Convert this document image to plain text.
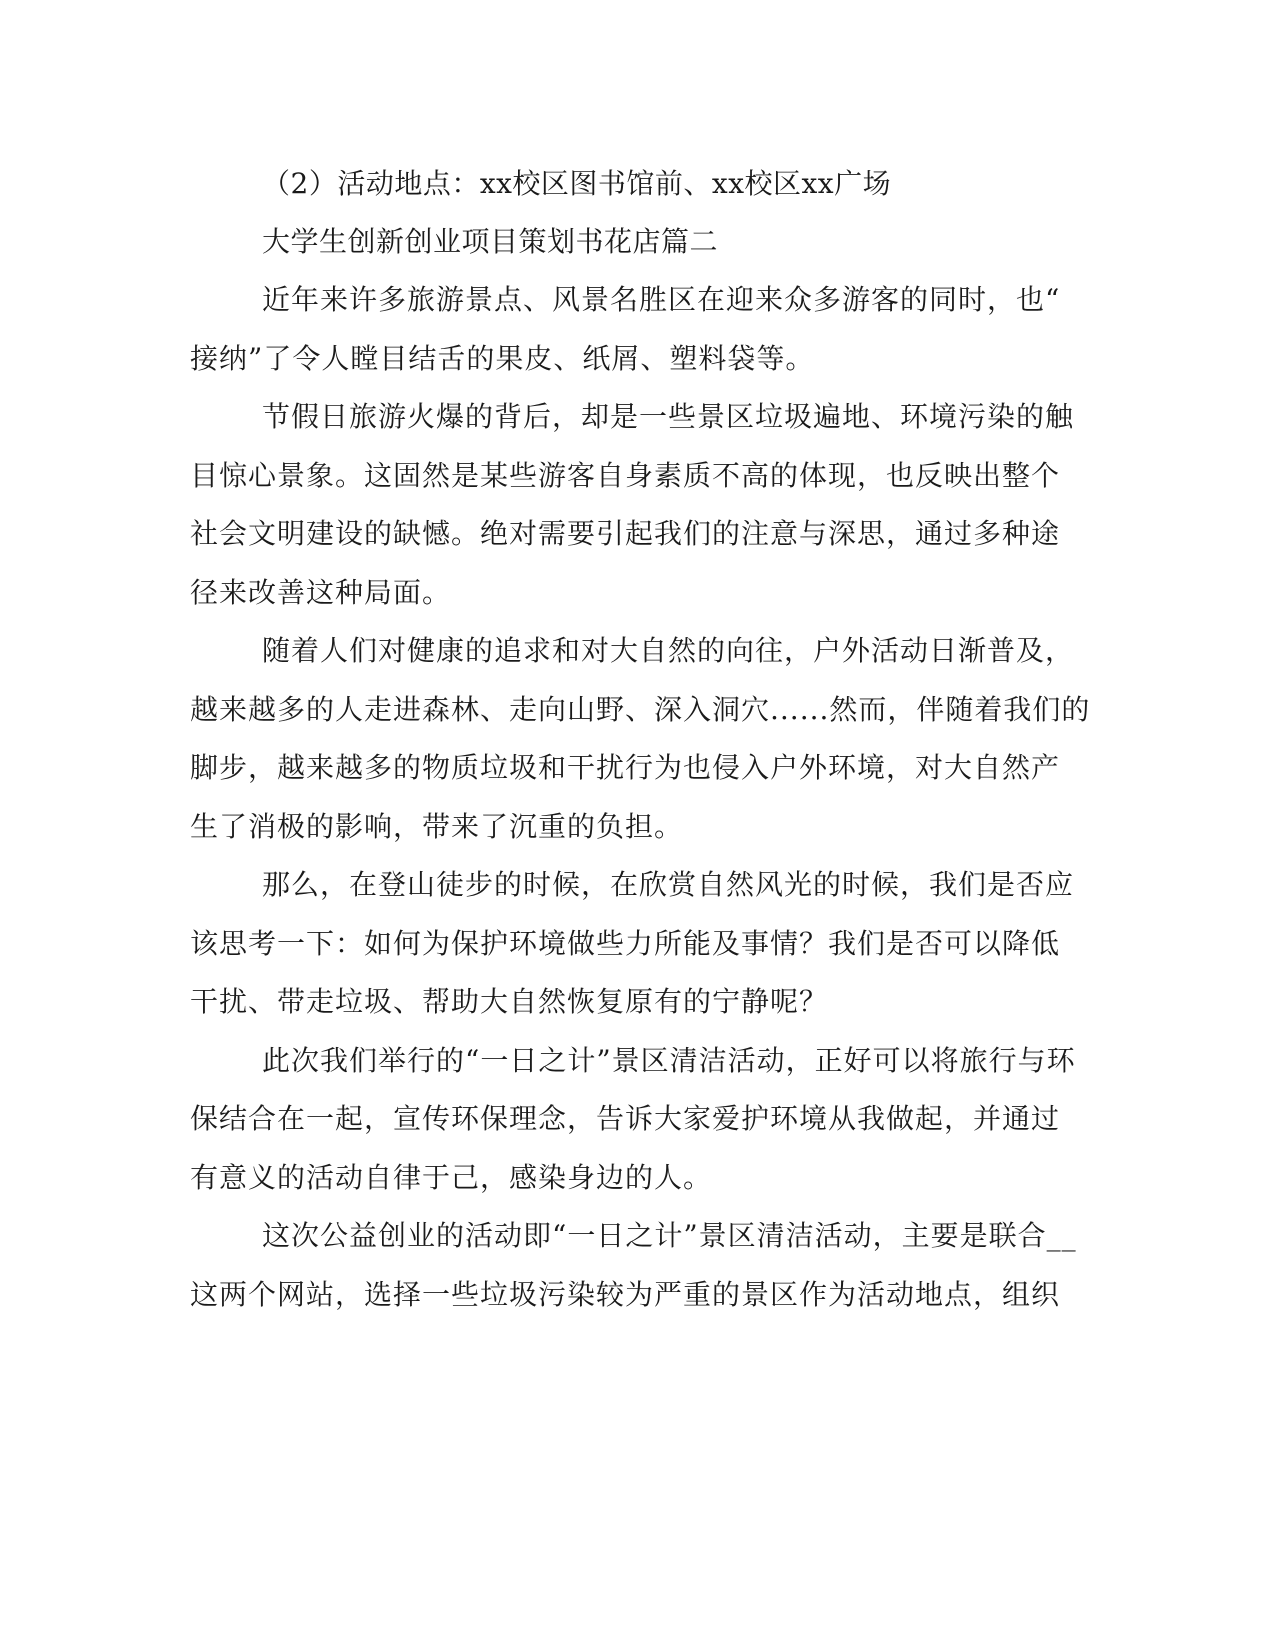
（2）活动地点：xx校区图书馆前、xx校区xx广场
大学生创新创业项目策划书花店篇二
近年来许多旅游景点、风景名胜区在迎来众多游客的同时，也“
接纳”了令人瞠目结舌的果皮、纸屑、塑料袋等。
节假日旅游火爆的背后，却是一些景区垃圾遍地、环境污染的触
目惊心景象。这固然是某些游客自身素质不高的体现，也反映出整个
社会文明建设的缺憾。绝对需要引起我们的注意与深思，通过多种途
径来改善这种局面。
随着人们对健康的追求和对大自然的向往，户外活动日渐普及，
越来越多的人走进森林、走向山野、深入洞穴......然而，伴随着我们的
脚步，越来越多的物质垃圾和干扰行为也侵入户外环境，对大自然产
生了消极的影响，带来了沉重的负担。
那么，在登山徒步的时候，在欣赏自然风光的时候，我们是否应
该思考一下：如何为保护环境做些力所能及事情？我们是否可以降低
干扰、带走垃圾、帮助大自然恢复原有的宁静呢？
此次我们举行的“一日之计”景区清洁活动，正好可以将旅行与环
保结合在一起，宣传环保理念，告诉大家爱护环境从我做起，并通过
有意义的活动自律于己，感染身边的人。
这次公益创业的活动即“一日之计”景区清洁活动，主要是联合__
这两个网站，选择一些垃圾污染较为严重的景区作为活动地点，组织
